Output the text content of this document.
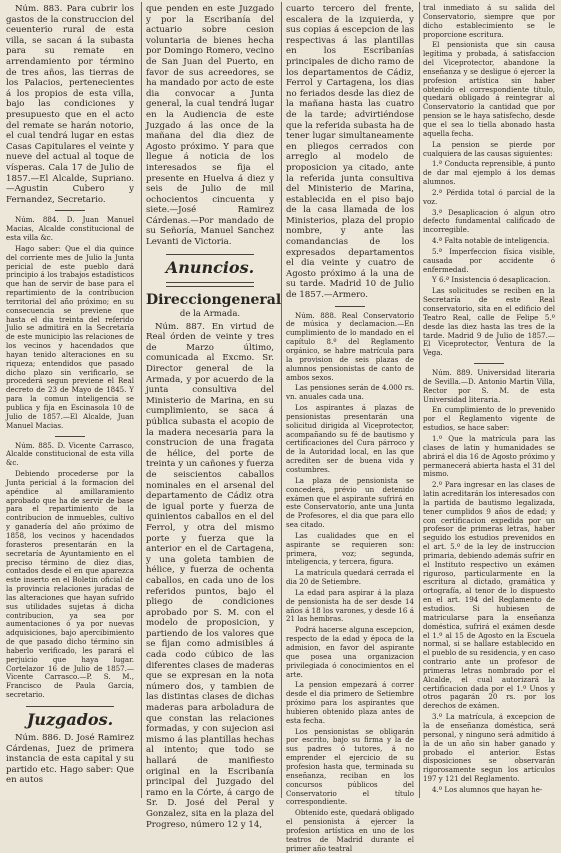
Núm. 883. Para cubrir los gastos de la construccion del ceuenterio rural de esta villa, se sacan á la subasta para su remate en arrendamiento por término de tres años, las tierras de los Palacios, pertenecientes á los propios de esta villa, bajo las condiciones y presupuesto que en el acto del remate se harán notorio, el cual tendrá lugar en estas Casas Capitulares el veinte y nueve del actual al toque de vísperas. Cala 17 de Julio de 1857.—El Alcalde, Supriano.—Agustin Cubero y Fernandez, Secretario.

Núm. 884. D. Juan Manuel Macias, Alcalde constitucional de esta villa &c.

Hago saber: Que el dia quince del corriente mes de Julio la Junta pericial de este pueblo dará principio á los trabajos estadísticos que han de servir de base para el repartimiento de la contribucion territorial del año próximo; en su consecuencia se previene que hasta el dia treinta del referido Julio se admitirá en la Secretaría de este municipio las relaciones de los vecinos y hacendados que hayan tenido alteraciones en su riqueza; entendidos que pasado dicho plazo sin verificarlo, se procederá segun previene el Real decreto de 23 de Mayo de 1845. Y para la comun inteligencia se publica y fija en Escinasola 10 de Julio de 1857.—El Alcalde, Juan Manuel Macias.

Núm. 885. D. Vicente Carrasco, Alcalde constitucional de esta villa &c.

Debiendo procederse por la Junta pericial á la formacion del apéndice al amillaramiento aprobado que ha de servir de base para el repartimiento de la contribucion de inmuebles, cultivo y ganadería del año próximo de 1858, los vecinos y hacendados forasteros presentarán en la secretaría de Ayuntamiento en el preciso término de diez dias, contados desde el en que aparezca este inserto en el Boletin oficial de la provincia relaciones juradas de las alteraciones que hayan sufrido sus utilidades sujetas á dicha contribucion, ya sea por aumentaciones ó ya por nuevas adquisiciones, bajo apercibimiento de que pasado dicho término sin haberlo verificado, les parará el perjuicio que haya lugar. Cortelazor 16 de Julio de 1857.—Vicente Carrasco.—P. S. M., Francisco de Paula Garcia, secretario.

Juzgados.

Núm. 886. D. José Ramirez Cárdenas, Juez de primera instancia de esta capital y su partido etc. Hago saber: Que en autos

que penden en este Juzgado y por la Escribanía del actuario sobre cesion voluntaria de bienes hecha por Domingo Romero, vecino de San Juan del Puerto, en favor de sus acreedores, se ha mandado por acto de este dia convocar a Junta general, la cual tendrá lugar en la Audiencia de este Juzgado á las once de la mañana del dia diez de Agosto próximo. Y para que llegue á noticia de los interesados se fija el presente en Huelva á diez y seis de Julio de mil ochocientos cincuenta y siete.—José Ramirez Cárdenas.—Por mandado de su Señoría, Manuel Sanchez Levanti de Victoria.

Anuncios.
Direcciongeneral

de la Armada.

Núm. 887. En virtud de Real órden de veinte y tres de Marzo último, comunicada al Excmo. Sr. Director general de la Armada, y por acuerdo de la junta consultiva del Ministerio de Marina, en su cumplimiento, se saca á pública subasta el acopio de la madera necesaria para la construcion de una fragata de hélice, del porte de treinta y un cañones y fuerza de seiscientos caballos nominales en el arsenal del departamento de Cádiz otra de igual porte y fuerza de quinientos caballos en el del Ferrol, y otra del mismo porte y fuerza que la anterior en el de Cartagena, y una goleta tambien de hélice, y fuerza de ochenta caballos, en cada uno de los referidos puntos, bajo el pliego de condiciones aprobado por S. M. con el modelo de proposicion, y partiendo de los valores que se fijan como admisibles á cada codo cúbico de las diferentes clases de maderas que se expresan en la nota número dos, y tambien de las distintas clases de dichas maderas para arboladura de que constan las relaciones formadas, y con sujecion asi mismo á las plantillas hechas al intento; que todo se hallará de manifiesto original en la Escribanía principal del Juzgado del ramo en la Córte, á cargo de Sr. D. José del Peral y Gonzalez, sita en la plaza del Progreso, número 12 y 14,

cuarto tercero del frente, escalera de la izquierda, y sus copias á escepcion de las respectivas á las plantillas en los Escribanías principales de dicho ramo de los departamentos de Cádiz, Ferrol y Cartagena, los dias no feriados desde las diez de la mañana hasta las cuatro de la tarde; advirtiéndose que la referida subasta ha de tener lugar simultaneamente en pliegos cerrados con arreglo al modelo de proposicion ya citado, ante la referida junta consultiva del Ministerio de Marina, establecida en el piso bajo de la casa llamada de los Ministerios, plaza del propio nombre, y ante las comandancias de los expresados departamentos el dia veinte y cuatro de Agosto próximo á la una de su tarde. Madrid 10 de Julio de 1857.—Armero.

Núm. 888. Real Conservatorio de música y declamacion.—En cumplimiento de lo mandado en el capítulo 8.º del Reglamento orgánico, se habre matrícula para la provision de seis plazas de alumnos pensionistas de canto de ambos sexos.

Las pensiones serán de 4.000 rs. vn. anuales cada una.

Los aspirantes á plazas de pensionistas presentarán una solicitud dirigida al Viceprotector, acompañando su fé de bautismo y certificaciones del Cura párroco y de la Autoridad local, en las que acrediten ser de buena vida y costumbres.

La plaza de pensionista se concederá, prévio un detenido exámen que el aspirante sufrirá en este Conservatorio, ante una Junta de Profesores, el dia que para ello sea citado.

Las cualidades que en el aspirante se requieren son: primera, voz; segunda, inteligencia, y tercera, figura.

La matrícula quedará cerrada el dia 20 de Setiembre.

La edad para aspirar á la plaza de pensionista ha de ser desde 14 años á 18 los varones, y desde 16 á 21 las hembras.

Podrá hacerse alguna escepcion, respecto de la edad y época de la admision, en favor del aspirante que posea una organizacion privilegiada ó conocimientos en el arte.

La pension empezará á correr desde el dia primero de Setiembre próximo para los aspirantes que hubieren obtenido plaza antes de esta fecha.

Los pensionistas se obligarán por escrito, bajo su firma y la de sus padres ó tutores, á no emprender el ejercicio de su profesion hasta que, terminada su enseñanza, reciban en los concursos públicos del Conservatorio el título correspondiente.

Obtenido este, quedará obligado el pensionista á ejercer la profesion artística en uno de los teatros de Madrid durante el primer año teatral

tral inmediato á su salida del Conservatorio, siempre que por dicho establecimiento se le proporcione escritura.

El pensionista que sin causa legítima y probada, á satisfaccion del Viceprotector, abandone la enseñanza y se desligue ó ejercer la profesion artística sin haber obtenido el correspondiente título, quedará obligado á reintegrar al Conservatorio la cantidad que por pension se le haya satisfecho, desde que el sea lo tiella abonado hasta aquella fecha.

La pension se pierde por cualquiera de las causas siguientes:

1.ª Conducta reprensible, á punto de dar mal ejemplo á los demas alumnos.

2.ª Pérdida total ó parcial de la voz.

3.ª Desaplicacion ó algun otro defecto fundamental calificado de incorregible.

4.ª Falta notable de inteligencia.

5.ª Imperfeccion física visible, causada por accidente ó enfermedad.

Y 6.ª Insistencia ó desaplicacion.

Las solicitudes se reciben en la Secretaría de este Real conservatorio, sita en el edificio del Teatro Real, calle de Felipe 5.º desde las diez hasta las tres de la tarde. Madrid 9 de Julio de 1857.—El Viceprotector, Ventura de la Vega.

Núm. 889. Universidad literaria de Sevilla.—D. Antonio Martin Villa, Rector por S. M. de esta Universidad literaria.

En cumplimiento de lo prevenido por el Reglamento vigente de estudios, se hace saber:

1.º Que la matrícula para las clases de latin y humanidades se abrirá el dia 16 de Agosto próximo y permanecerá abierta hasta el 31 del mismo.

2.º Para ingresar en las clases de latin acreditarán los interesados con la partida de bautismo legalizada, tener cumplidos 9 años de edad; y con certificacion expedida por un profesor de primeras letras, haber seguido los estudios prevenidos en el art. 5.º de la ley de instruccion primaria, debiendo además sufrir en el Instituto respectivo un exámen riguroso, particularmente en la escritura al dictado, gramática y ortografía, al tenor de lo dispuesto en el art. 194 del Reglamento de estudios. Si hubiesen de matricularse para la enseñanza doméstica, sufrirá el exámen desde el 1.º al 15 de Agosto en la Escuela normal, si se hallare establecido en el pueblo de su residencia, y en caso contrario ante un profesor de primeras letras nombrado por el Alcalde, el cual autorizará la certificacion dada por el 1.º Unos y otros pagarán 20 rs. por los derechos de exámen.

3.º La matrícula, á excepcion de la de enseñanza doméstica, será personal, y ninguno será admitido á la de un año sin haber ganado y probado el anterior. Estas disposiciones se observarán rigorosamente segun los artículos 197 y 121 del Reglamento.

4.º Los alumnos que hayan he-
